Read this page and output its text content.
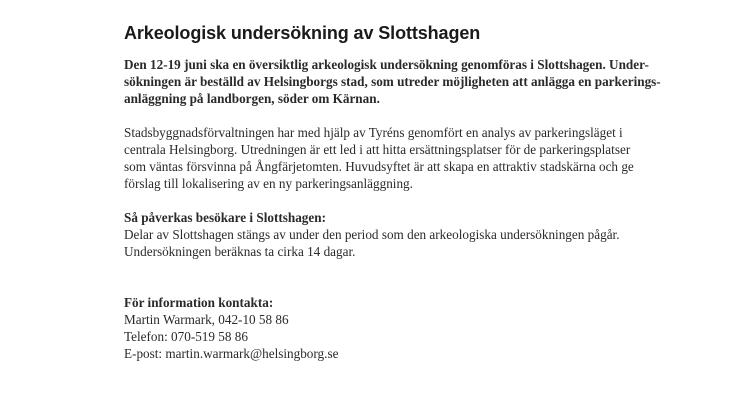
Arkeologisk undersökning av Slottshagen

Den 12-19 juni ska en översiktlig arkeologisk undersökning genomföras i Slottshagen. Under-
sökningen är beställd av Helsingborgs stad, som utreder möjligheten att anlägga en parkerings-
anläggning på landborgen, söder om Kärnan.

Stadsbyggnadsförvaltningen har med hjälp av Tyréns genomfört en analys av parkeringsläget i
centrala Helsingborg. Utredningen är ett led i att hitta ersättningsplatser för de parkeringsplatser
som väntas försvinna på Ångfärjetomten. Huvudsyftet är att skapa en attraktiv stadskärna och ge
förslag till lokalisering av en ny parkeringsanläggning.

Så påverkas besökare i Slottshagen:
Delar av Slottshagen stängs av under den period som den arkeologiska undersökningen pågår.
Undersökningen beräknas ta cirka 14 dagar.
För information kontakta:
Martin Warmark, 042-10 58 86
Telefon: 070-519 58 86
E-post: martin.warmark@helsingborg.se
